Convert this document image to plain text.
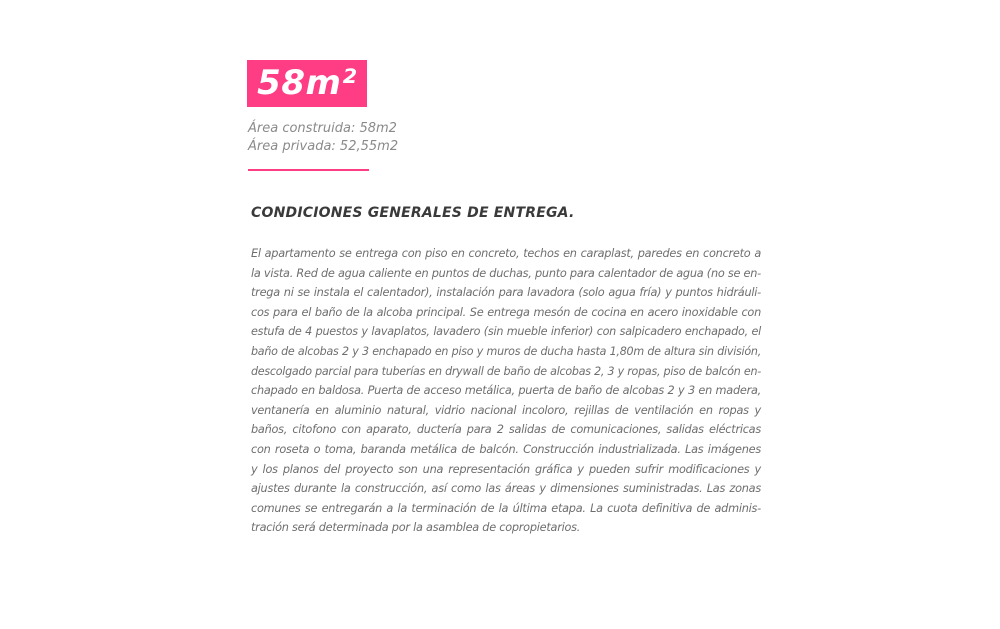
58m²
Área construida: 58m2
Área privada: 52,55m2
CONDICIONES GENERALES DE ENTREGA.
El apartamento se entrega con piso en concreto, techos en caraplast, paredes en concreto a
la vista. Red de agua caliente en puntos de duchas, punto para calentador de agua (no se en-
trega ni se instala el calentador), instalación para lavadora (solo agua fría) y puntos hidráuli-
cos para el baño de la alcoba principal. Se entrega mesón de cocina en acero inoxidable con
estufa de 4 puestos y lavaplatos, lavadero (sin mueble inferior) con salpicadero enchapado, el
baño de alcobas 2 y 3 enchapado en piso y muros de ducha hasta 1,80m de altura sin división,
descolgado parcial para tuberías en drywall de baño de alcobas 2, 3 y ropas, piso de balcón en-
chapado en baldosa. Puerta de acceso metálica, puerta de baño de alcobas 2 y 3 en madera,
ventanería en aluminio natural, vidrio nacional incoloro, rejillas de ventilación en ropas y
baños, citofono con aparato, ductería para 2 salidas de comunicaciones, salidas eléctricas
con roseta o toma, baranda metálica de balcón. Construcción industrializada. Las imágenes
y los planos del proyecto son una representación gráfica y pueden sufrir modificaciones y
ajustes durante la construcción, así como las áreas y dimensiones suministradas. Las zonas
comunes se entregarán a la terminación de la última etapa. La cuota definitiva de adminis-
tración será determinada por la asamblea de copropietarios.
